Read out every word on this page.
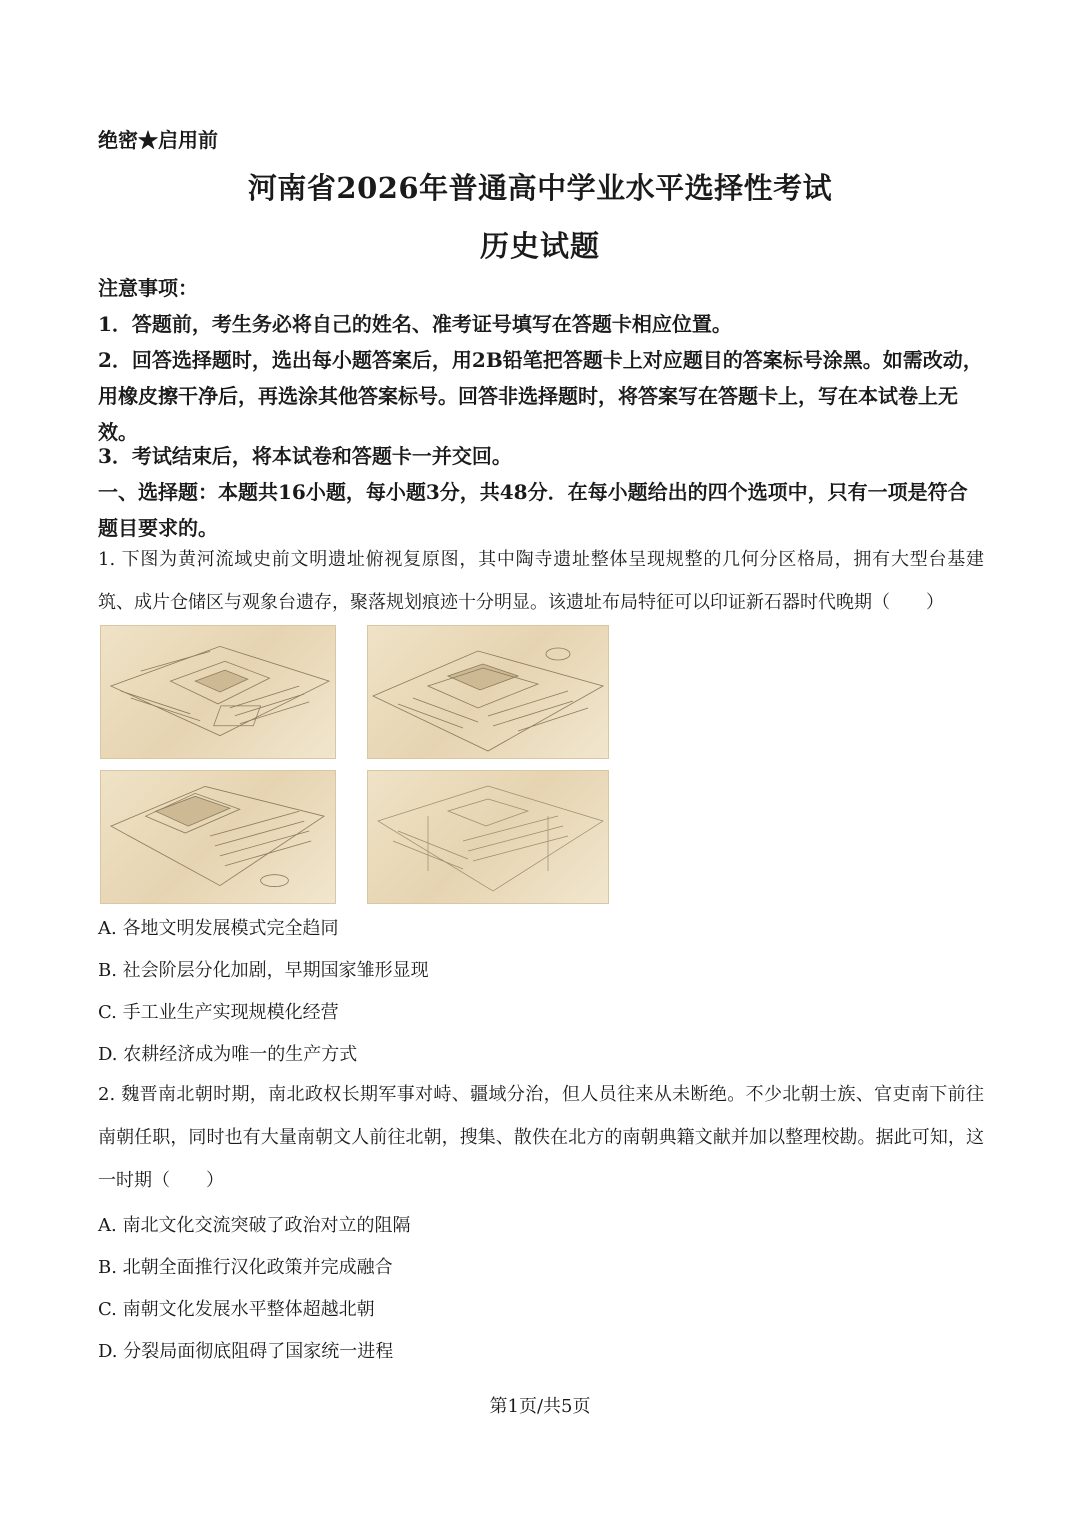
绝密★启用前
河南省2026年普通高中学业水平选择性考试
历史试题
注意事项：
1．答题前，考生务必将自己的姓名、准考证号填写在答题卡相应位置。
2．回答选择题时，选出每小题答案后，用2B铅笔把答题卡上对应题目的答案标号涂黑。如需改动，用橡皮擦干净后，再选涂其他答案标号。回答非选择题时，将答案写在答题卡上，写在本试卷上无效。
3．考试结束后，将本试卷和答题卡一并交回。
一、选择题：本题共16小题，每小题3分，共48分．在每小题给出的四个选项中，只有一项是符合题目要求的。
1. 下图为黄河流域史前文明遗址俯视复原图，其中陶寺遗址整体呈现规整的几何分区格局，拥有大型台基建筑、成片仓储区与观象台遗存，聚落规划痕迹十分明显。该遗址布局特征可以印证新石器时代晚期（　　）
A. 各地文明发展模式完全趋同
B. 社会阶层分化加剧，早期国家雏形显现
C. 手工业生产实现规模化经营
D. 农耕经济成为唯一的生产方式
2. 魏晋南北朝时期，南北政权长期军事对峙、疆域分治，但人员往来从未断绝。不少北朝士族、官吏南下前往南朝任职，同时也有大量南朝文人前往北朝，搜集、散佚在北方的南朝典籍文献并加以整理校勘。据此可知，这一时期（　　）
A. 南北文化交流突破了政治对立的阻隔
B. 北朝全面推行汉化政策并完成融合
C. 南朝文化发展水平整体超越北朝
D. 分裂局面彻底阻碍了国家统一进程
第1页/共5页
